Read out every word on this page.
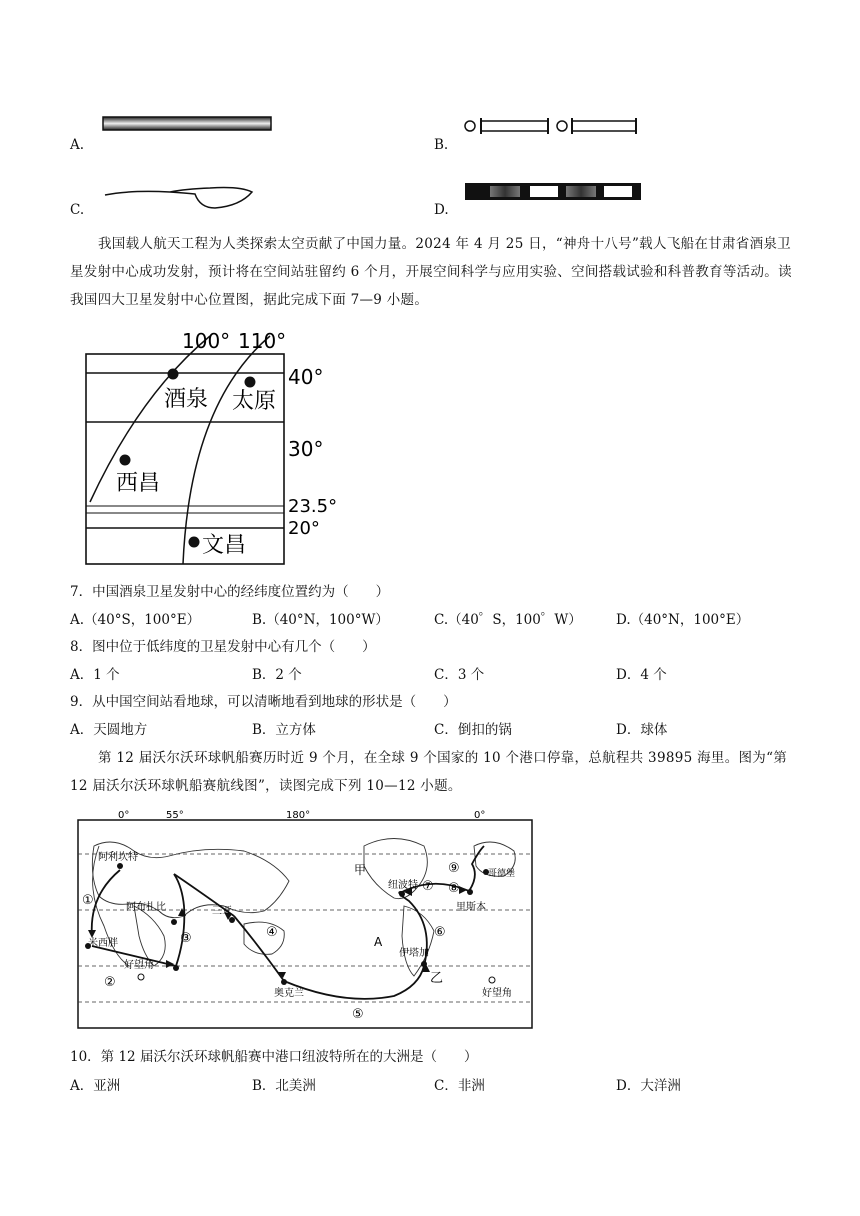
A.	B.
C.	D.
我国载人航天工程为人类探索太空贡献了中国力量。2024 年 4 月 25 日，“神舟十八号”载人飞船在甘肃省酒泉卫星发射中心成功发射，预计将在空间站驻留约 6 个月，开展空间科学与应用实验、空间搭载试验和科普教育等活动。读我国四大卫星发射中心位置图，据此完成下面 7—9 小题。
100° 110°
40°
30°
23.5°
20°
酒泉 太原
西昌
文昌
7．中国酒泉卫星发射中心的经纬度位置约为（　　）
A.（40°S，100°E）	B.（40°N，100°W）	C.（40゜S，100゜W）	D.（40°N，100°E）
8．图中位于低纬度的卫星发射中心有几个（　　）
A．1 个	B．2 个	C．3 个	D．4 个
9．从中国空间站看地球，可以清晰地看到地球的形状是（　　）
A．天圆地方	B．立方体	C．倒扣的锅	D．球体
第 12 届沃尔沃环球帆船赛历时近 9 个月，在全球 9 个国家的 10 个港口停靠，总航程共 39895 海里。图为“第 12 届沃尔沃环球帆船赛航线图”，读图完成下列 10—12 小题。
0°	55°	180°	0°
阿利坎特
阿布扎比	三亚
米西胖
好望角
奥克兰
伊塔加
纽波特
里斯本
哥德堡
好望角
甲
乙
A
①
②
③	④
⑤
⑥
⑦ ⑧
⑨
10．第 12 届沃尔沃环球帆船赛中港口纽波特所在的大洲是（　　）
A．亚洲	B．北美洲	C．非洲	D．大洋洲
